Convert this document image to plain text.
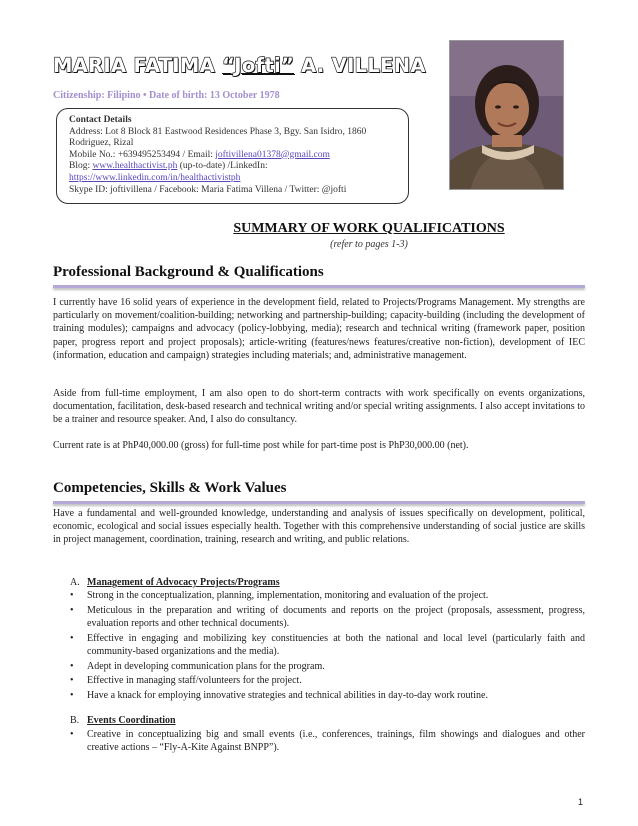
MARIA FATIMA “Jofti” A. VILLENA
Citizenship: Filipino • Date of birth: 13 October 1978
Contact Details
Address: Lot 8 Block 81 Eastwood Residences Phase 3, Bgy. San Isidro, 1860
Rodriguez, Rizal
Mobile No.: +639495253494 / Email: joftivillena01378@gmail.com
Blog: www.healthactivist.ph (up-to-date) /LinkedIn:
https://www.linkedin.com/in/healthactivistph
Skype ID: joftivillena / Facebook: Maria Fatima Villena / Twitter: @jofti
SUMMARY OF WORK QUALIFICATIONS
(refer to pages 1-3)
Professional Background & Qualifications

I currently have 16 solid years of experience in the development field, related to Projects/Programs Management. My strengths are particularly on movement/coalition-building; networking and partnership-building; capacity-building (including the development of training modules); campaigns and advocacy (policy-lobbying, media); research and technical writing (framework paper, position paper, progress report and project proposals); article-writing (features/news features/creative non-fiction), development of IEC (information, education and campaign) strategies including materials; and, administrative management.

Aside from full-time employment, I am also open to do short-term contracts with work specifically on events organizations, documentation, facilitation, desk-based research and technical writing and/or special writing assignments. I also accept invitations to be a trainer and resource speaker. And, I also do consultancy.

Current rate is at PhP40,000.00 (gross) for full-time post while for part-time post is PhP30,000.00 (net).

Competencies, Skills & Work Values

Have a fundamental and well-grounded knowledge, understanding and analysis of issues specifically on development, political, economic, ecological and social issues especially health. Together with this comprehensive understanding of social justice are skills in project management, coordination, training, research and writing, and public relations.

A. Management of Advocacy Projects/Programs
•	Strong in the conceptualization, planning, implementation, monitoring and evaluation of the project.
•	Meticulous in the preparation and writing of documents and reports on the project (proposals, assessment, progress, evaluation reports and other technical documents).
•	Effective in engaging and mobilizing key constituencies at both the national and local level (particularly faith and community-based organizations and the media).
•	Adept in developing communication plans for the program.
•	Effective in managing staff/volunteers for the project.
•	Have a knack for employing innovative strategies and technical abilities in day-to-day work routine.
B. Events Coordination
•	Creative in conceptualizing big and small events (i.e., conferences, trainings, film showings and dialogues and other creative actions – “Fly-A-Kite Against BNPP”).
1
